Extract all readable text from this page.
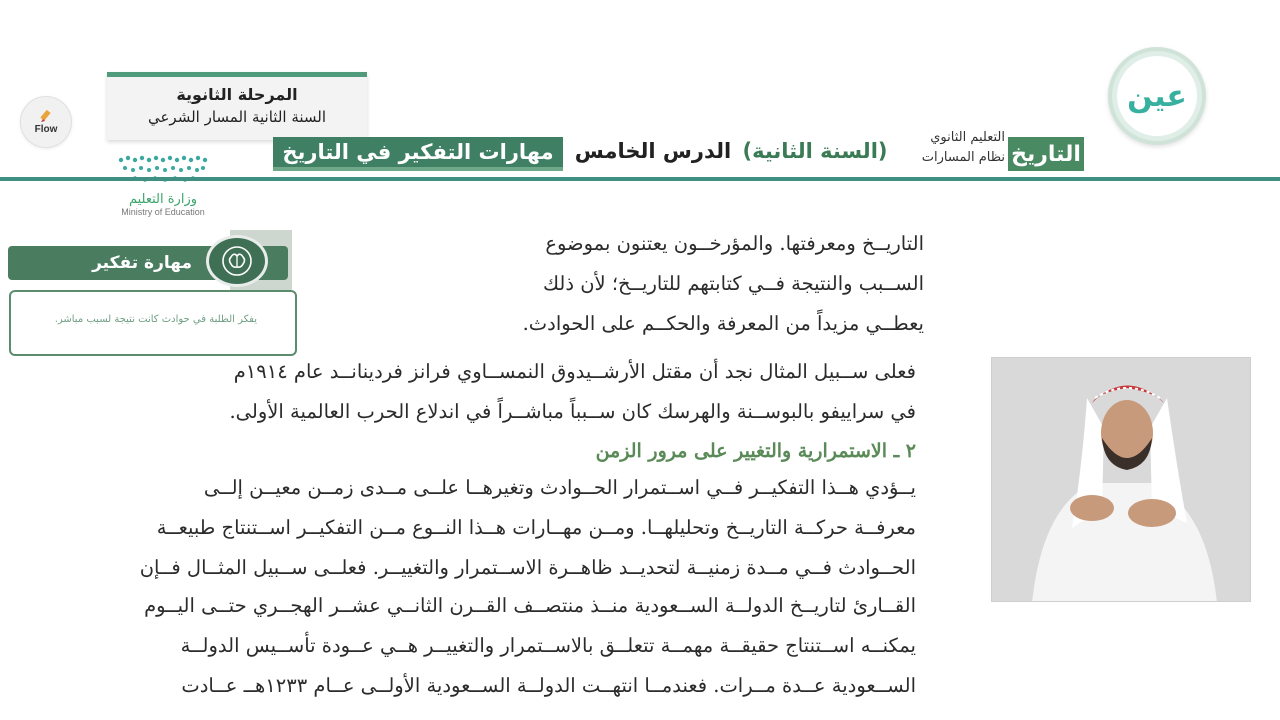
Flow
المرحلة الثانوية
السنة الثانية المسار الشرعي
وزارة التعليم
Ministry of Education
عين
التعليم الثانوي
نظام المسارات التاريخ
(السنة الثانية)
الدرس الخامس
مهارات التفكير في التاريخ
مهارة تفكير
يفكر الطلبة في حوادث كانت نتيجة لسبب مباشر.
التاريــخ ومعرفتها. والمؤرخــون يعتنون بموضوع
الســبب والنتيجة فــي كتابتهم للتاريــخ؛ لأن ذلك
يعطــي مزيداً من المعرفة والحكــم على الحوادث.
فعلى ســبيل المثال نجد أن مقتل الأرشــيدوق النمســاوي فرانز فردينانــد عام ١٩١٤م
في سراييفو بالبوســنة والهرسك كان ســبباً مباشــراً في اندلاع الحرب العالمية الأولى.
٢ ـ الاستمرارية والتغيير على مرور الزمن
يــؤدي هــذا التفكيــر فــي اســتمرار الحــوادث وتغيرهــا علــى مــدى زمــن معيــن إلــى
معرفــة حركــة التاريــخ وتحليلهــا. ومــن مهــارات هــذا النــوع مــن التفكيــر اســتنتاج طبيعــة
الحــوادث فــي مــدة زمنيــة لتحديــد ظاهــرة الاســتمرار والتغييــر. فعلــى ســبيل المثــال فــإن
القــارئ لتاريــخ الدولــة الســعودية منــذ منتصــف القــرن الثانــي عشــر الهجــري حتــى اليــوم
يمكنــه اســتنتاج حقيقــة مهمــة تتعلــق بالاســتمرار والتغييــر هــي عــودة تأســيس الدولــة
الســعودية عــدة مــرات. فعندمــا انتهــت الدولــة الســعودية الأولــى عــام ١٢٣٣هــ عــادت
